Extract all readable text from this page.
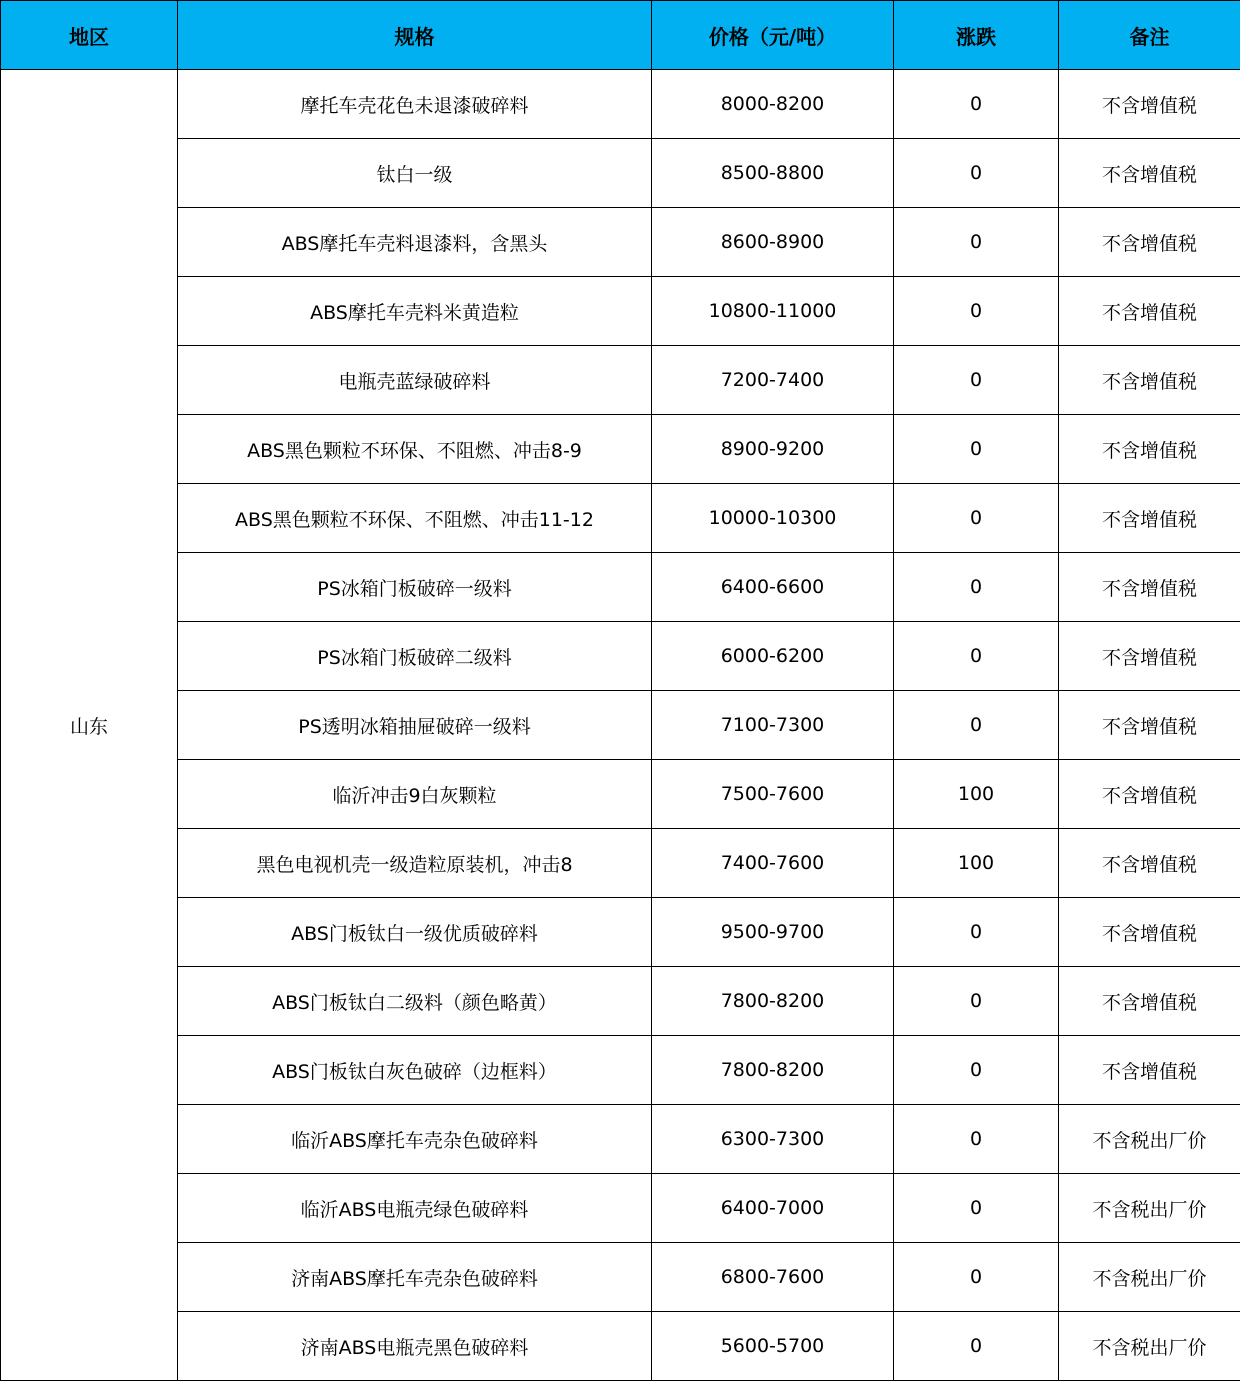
地区	规格	价格（元/吨）	涨跌	备注
山东	摩托车壳花色未退漆破碎料	8000-8200	0	不含增值税
	钛白一级	8500-8800	0	不含增值税
	ABS摩托车壳料退漆料，含黑头	8600-8900	0	不含增值税
	ABS摩托车壳料米黄造粒	10800-11000	0	不含增值税
	电瓶壳蓝绿破碎料	7200-7400	0	不含增值税
	ABS黑色颗粒不环保、不阻燃、冲击8-9	8900-9200	0	不含增值税
	ABS黑色颗粒不环保、不阻燃、冲击11-12	10000-10300	0	不含增值税
	PS冰箱门板破碎一级料	6400-6600	0	不含增值税
	PS冰箱门板破碎二级料	6000-6200	0	不含增值税
	PS透明冰箱抽屉破碎一级料	7100-7300	0	不含增值税
	临沂冲击9白灰颗粒	7500-7600	100	不含增值税
	黑色电视机壳一级造粒原装机，冲击8	7400-7600	100	不含增值税
	ABS门板钛白一级优质破碎料	9500-9700	0	不含增值税
	ABS门板钛白二级料（颜色略黄）	7800-8200	0	不含增值税
	ABS门板钛白灰色破碎（边框料）	7800-8200	0	不含增值税
	临沂ABS摩托车壳杂色破碎料	6300-7300	0	不含税出厂价
	临沂ABS电瓶壳绿色破碎料	6400-7000	0	不含税出厂价
	济南ABS摩托车壳杂色破碎料	6800-7600	0	不含税出厂价
	济南ABS电瓶壳黑色破碎料	5600-5700	0	不含税出厂价
